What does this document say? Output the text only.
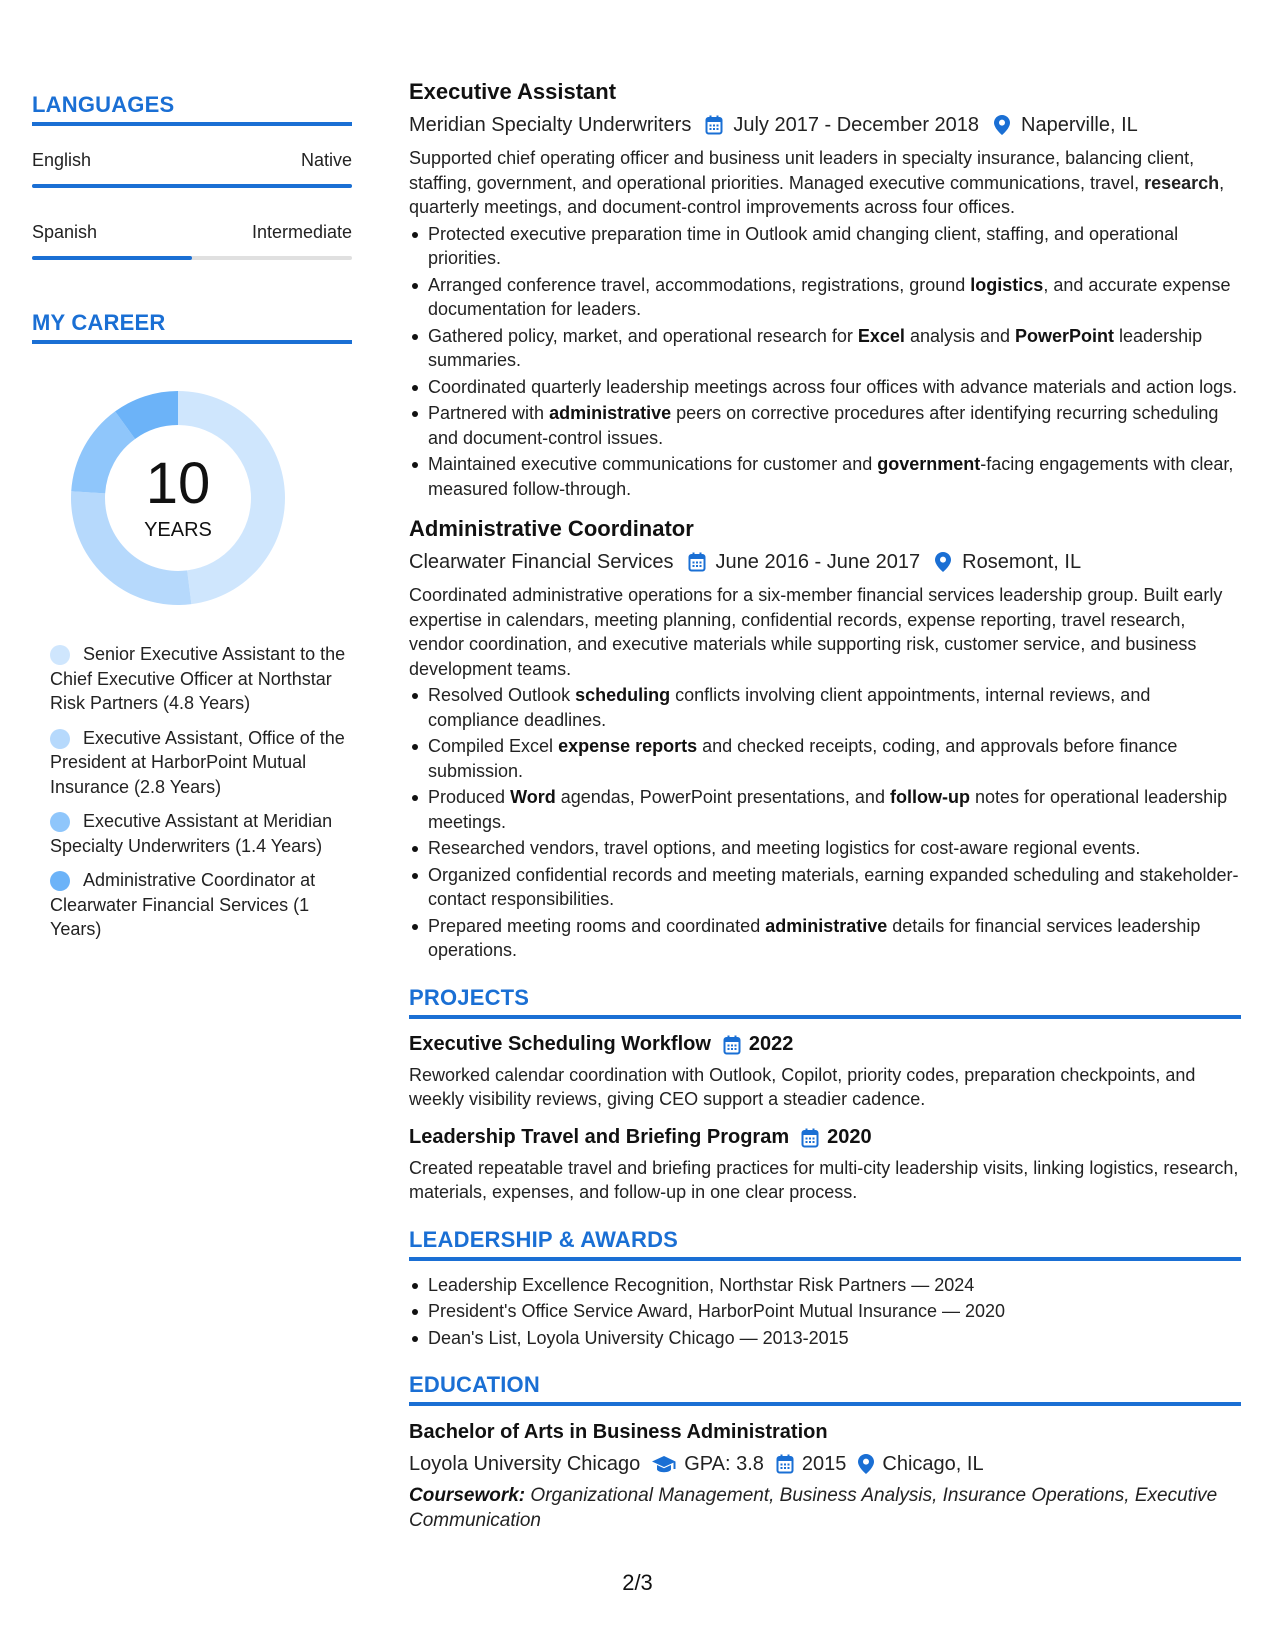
LANGUAGES
English	Native
Spanish	Intermediate
MY CAREER
10
YEARS
Senior Executive Assistant to the Chief Executive Officer at Northstar Risk Partners (4.8 Years)
Executive Assistant, Office of the President at HarborPoint Mutual Insurance (2.8 Years)
Executive Assistant at Meridian Specialty Underwriters (1.4 Years)
Administrative Coordinator at Clearwater Financial Services (1 Years)
Executive Assistant
Meridian Specialty Underwriters July 2017 - December 2018 Naperville, IL
Supported chief operating officer and business unit leaders in specialty insurance, balancing client, staffing, government, and operational priorities. Managed executive communications, travel, research, quarterly meetings, and document-control improvements across four offices.
Protected executive preparation time in Outlook amid changing client, staffing, and operational priorities.
Arranged conference travel, accommodations, registrations, ground logistics, and accurate expense documentation for leaders.
Gathered policy, market, and operational research for Excel analysis and PowerPoint leadership summaries.
Coordinated quarterly leadership meetings across four offices with advance materials and action logs.
Partnered with administrative peers on corrective procedures after identifying recurring scheduling and document-control issues.
Maintained executive communications for customer and government-facing engagements with clear, measured follow-through.
Administrative Coordinator
Clearwater Financial Services June 2016 - June 2017 Rosemont, IL
Coordinated administrative operations for a six-member financial services leadership group. Built early expertise in calendars, meeting planning, confidential records, expense reporting, travel research, vendor coordination, and executive materials while supporting risk, customer service, and business development teams.
Resolved Outlook scheduling conflicts involving client appointments, internal reviews, and compliance deadlines.
Compiled Excel expense reports and checked receipts, coding, and approvals before finance submission.
Produced Word agendas, PowerPoint presentations, and follow-up notes for operational leadership meetings.
Researched vendors, travel options, and meeting logistics for cost-aware regional events.
Organized confidential records and meeting materials, earning expanded scheduling and stakeholder-contact responsibilities.
Prepared meeting rooms and coordinated administrative details for financial services leadership operations.
PROJECTS
Executive Scheduling Workflow 2022
Reworked calendar coordination with Outlook, Copilot, priority codes, preparation checkpoints, and weekly visibility reviews, giving CEO support a steadier cadence.
Leadership Travel and Briefing Program 2020
Created repeatable travel and briefing practices for multi-city leadership visits, linking logistics, research, materials, expenses, and follow-up in one clear process.
LEADERSHIP & AWARDS
Leadership Excellence Recognition, Northstar Risk Partners — 2024
President's Office Service Award, HarborPoint Mutual Insurance — 2020
Dean's List, Loyola University Chicago — 2013-2015
EDUCATION
Bachelor of Arts in Business Administration
Loyola University Chicago GPA: 3.8 2015 Chicago, IL
Coursework: Organizational Management, Business Analysis, Insurance Operations, Executive Communication
2/3
